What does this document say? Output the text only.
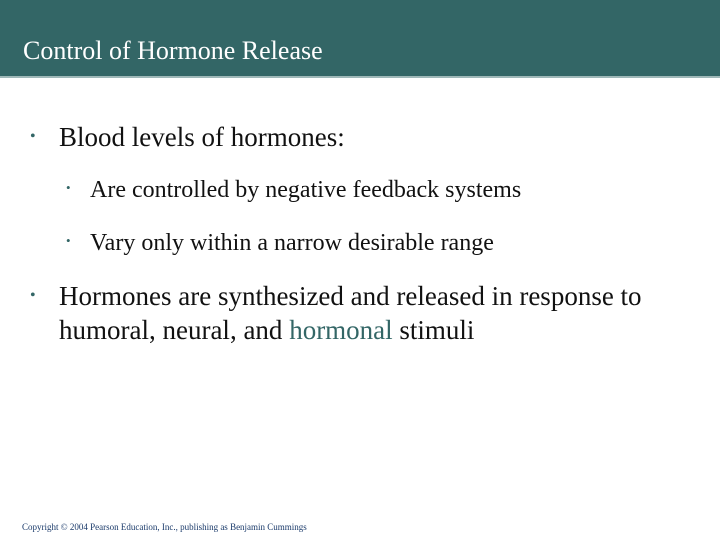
Control of Hormone Release
• Blood levels of hormones:
• Are controlled by negative feedback systems
• Vary only within a narrow desirable range
• Hormones are synthesized and released in response to humoral, neural, and hormonal stimuli
Copyright © 2004 Pearson Education, Inc., publishing as Benjamin Cummings
